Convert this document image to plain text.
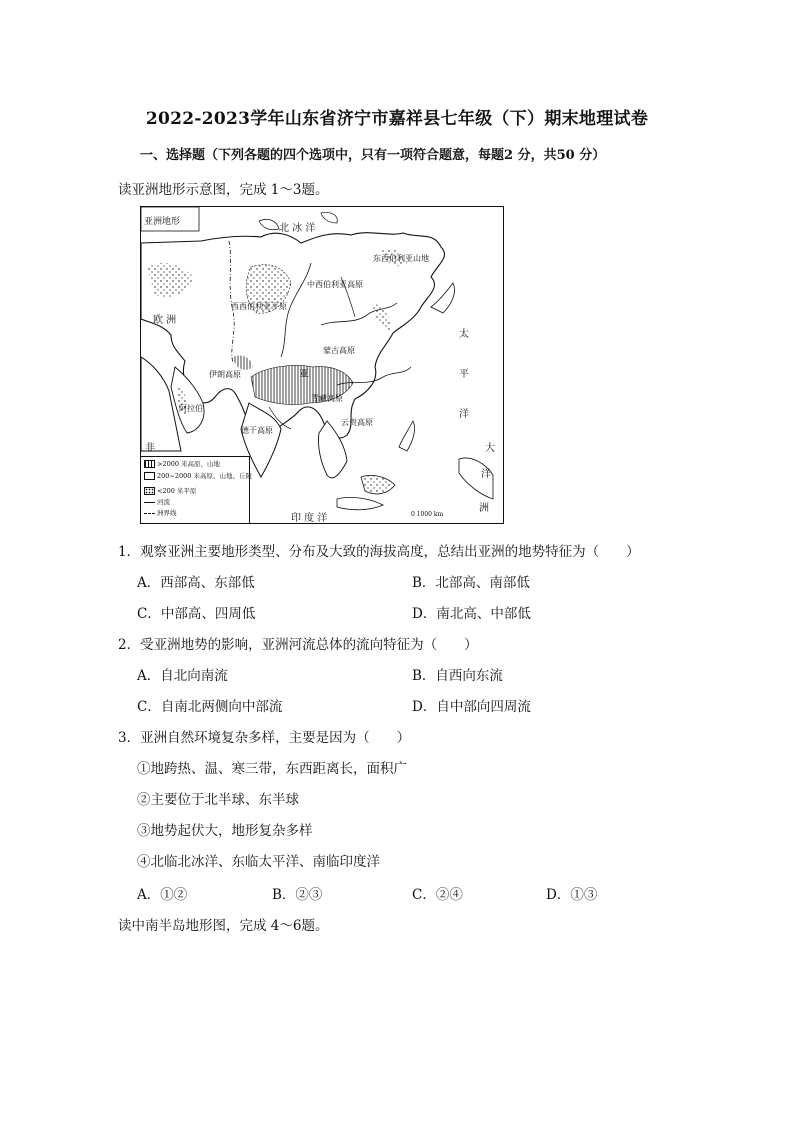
2022-2023学年山东省济宁市嘉祥县七年级（下）期末地理试卷
一、选择题（下列各题的四个选项中，只有一项符合题意，每题2 分，共50 分）
读亚洲地形示意图，完成 1～3题。
亚洲地形
北 冰 洋
欧 洲
亚
太
平
洋
印 度 洋
非	大
洋
洲
中西伯利亚高原
西西伯利亚平原
蒙古高原
伊朗高原
德干高原
青藏高原
阿拉伯
云贵高原
东西伯利亚山地
0 1000 km
>2000 米高原、山地
200~2000 米高原、山地、丘陵
<200 米平原
河流
洲界线
1．观察亚洲主要地形类型、分布及大致的海拔高度，总结出亚洲的地势特征为（　　）
A．西部高、东部低	B．北部高、南部低
C．中部高、四周低	D．南北高、中部低
2．受亚洲地势的影响，亚洲河流总体的流向特征为（　　）
A．自北向南流	B．自西向东流
C．自南北两侧向中部流	D．自中部向四周流
3．亚洲自然环境复杂多样，主要是因为（　　）
①地跨热、温、寒三带，东西距离长，面积广
②主要位于北半球、东半球
③地势起伏大，地形复杂多样
④北临北冰洋、东临太平洋、南临印度洋
A．①②	B．②③	C．②④	D．①③
读中南半岛地形图，完成 4～6题。
